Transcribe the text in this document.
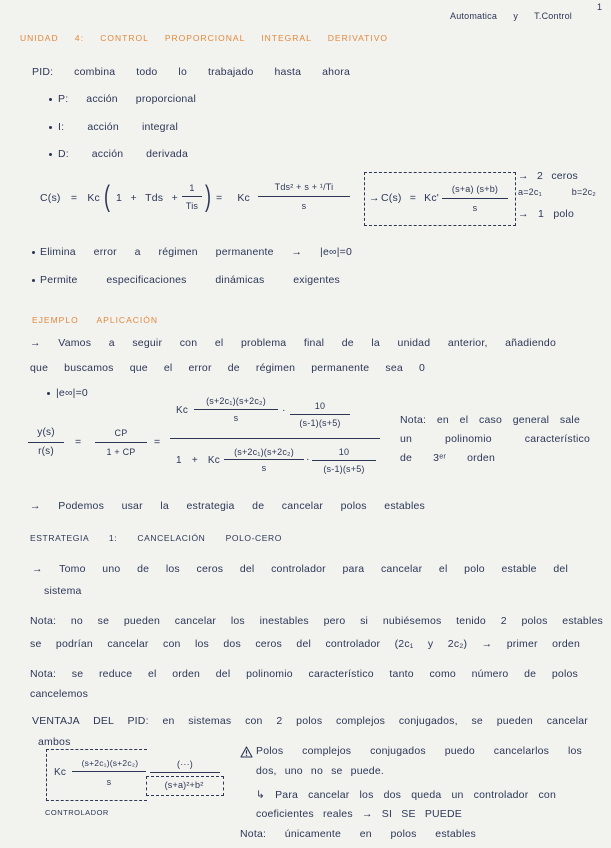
1
Automatica y T.Control
UNIDAD 4: CONTROL PROPORCIONAL INTEGRAL DERIVATIVO
PID: combina todo lo trabajado hasta ahora
P: acción proporcional
I: acción integral
D: acción derivada
C(s) = Kc ( 1 + Tds +
1
Tis ) = Kc
Tds² + s + ¹/Ti
s
→ C(s) = Kc'
(s+a) (s+b)
s
→ 2 ceros
a=2c₁ b=2c₂
→ 1 polo
Elimina error a régimen permanente → |e∞|=0
Permite especificaciones dinámicas exigentes
EJEMPLO APLICACIÓN
→ Vamos a seguir con el problema final de la unidad anterior, añadiendo
que buscamos que el error de régimen permanente sea 0
|e∞|=0
y(s)
r(s)
=
CP
1 + CP
=
Kc
(s+2c₁)(s+2c₂)
s
·	10
(s-1)(s+5)
1 + Kc
(s+2c₁)(s+2c₂)
s
·
10
(s-1)(s+5)
Nota: en el caso general sale
un polinomio característico
de 3ᵉʳ orden
→ Podemos usar la estrategia de cancelar polos estables
ESTRATEGIA 1: CANCELACIÓN POLO-CERO
→ Tomo uno de los ceros del controlador para cancelar el polo estable del
sistema
Nota: no se pueden cancelar los inestables pero si nubiésemos tenido 2 polos estables
se podrían cancelar con los dos ceros del controlador (2c₁ y 2c₂) → primer orden
Nota: se reduce el orden del polinomio característico tanto como número de polos
cancelemos
VENTAJA DEL PID: en sistemas con 2 polos complejos conjugados, se pueden cancelar
ambos
Kc
(s+2c₁)(s+2c₂)
s
(···)
(s+a)²+b²
CONTROLADOR
Polos complejos conjugados puedo cancelarlos los
dos, uno no se puede.
↳ Para cancelar los dos queda un controlador con
coeficientes reales → SI SE PUEDE
Nota: únicamente en polos estables
